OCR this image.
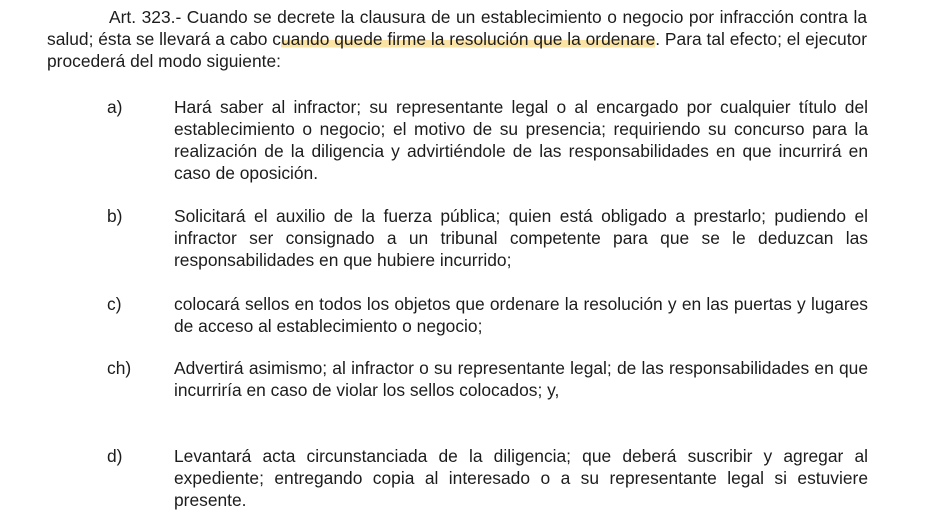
Art. 323.- Cuando se decrete la clausura de un establecimiento o negocio por infracción contra la salud; ésta se llevará a cabo cuando quede firme la resolución que la ordenare. Para tal efecto; el ejecutor procederá del modo siguiente:

a)	Hará saber al infractor; su representante legal o al encargado por cualquier título del establecimiento o negocio; el motivo de su presencia; requiriendo su concurso para la realización de la diligencia y advirtiéndole de las responsabilidades en que incurrirá en caso de oposición.
b)	Solicitará el auxilio de la fuerza pública; quien está obligado a prestarlo; pudiendo el infractor ser consignado a un tribunal competente para que se le deduzcan las responsabilidades en que hubiere incurrido;
c)	colocará sellos en todos los objetos que ordenare la resolución y en las puertas y lugares de acceso al establecimiento o negocio;
ch) Advertirá asimismo; al infractor o su representante legal; de las responsabilidades en que incurriría en caso de violar los sellos colocados; y,
d)	Levantará acta circunstanciada de la diligencia; que deberá suscribir y agregar al expediente; entregando copia al interesado o a su representante legal si estuviere presente.
